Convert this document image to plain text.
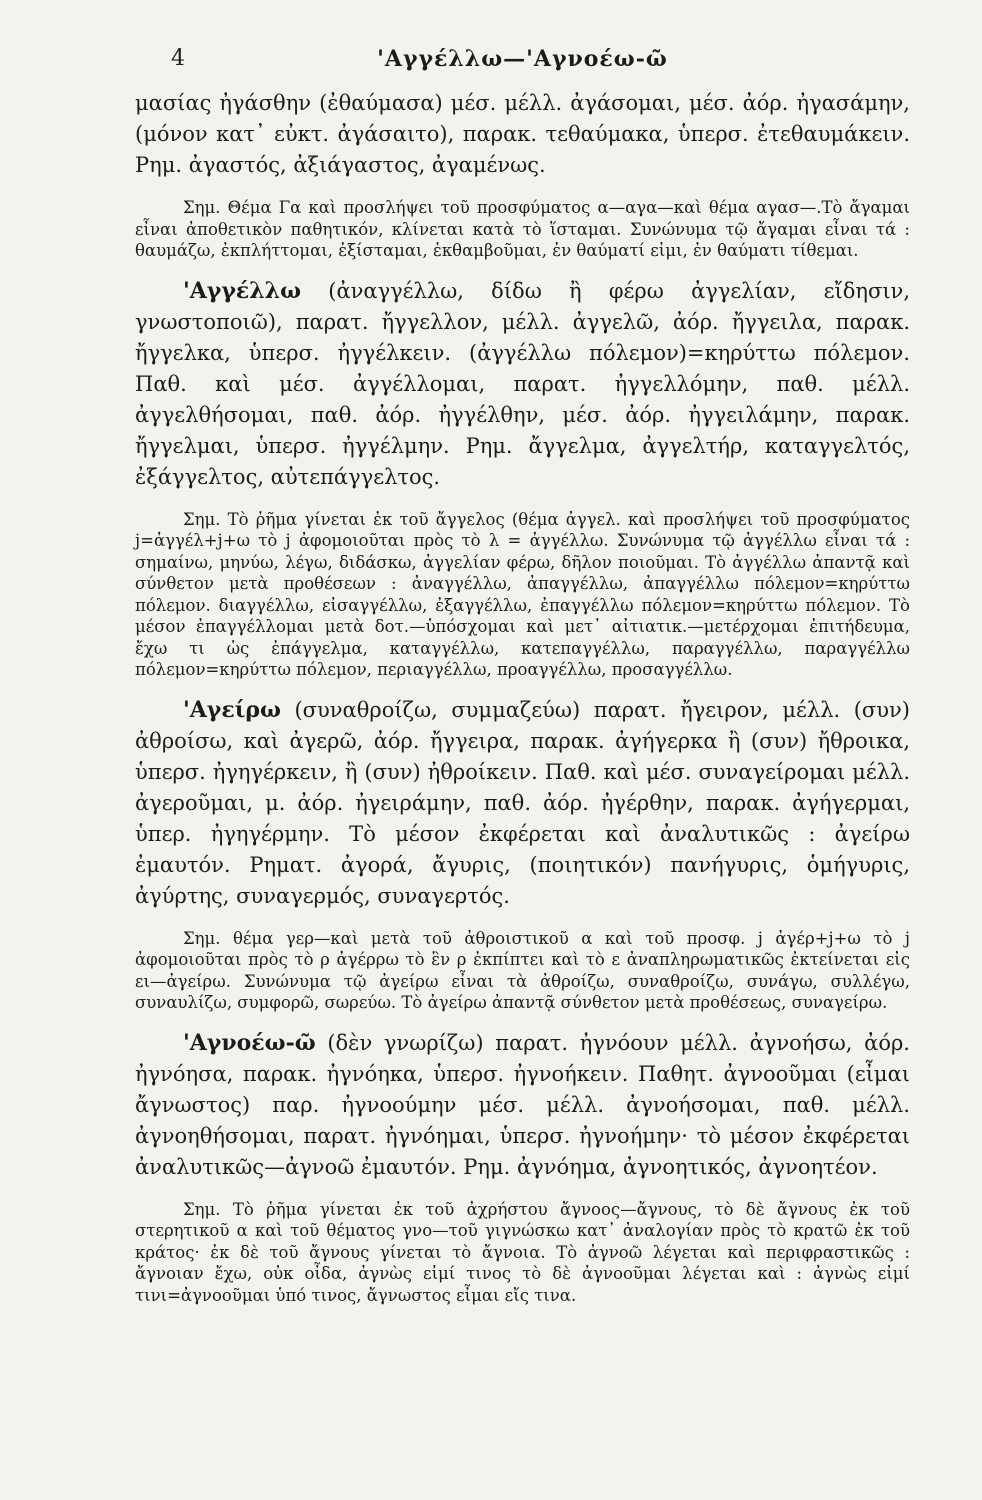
4	'Αγγέλλω—'Αγνοέω-ῶ

μασίας ἠγάσθην (ἐθαύμασα) μέσ. μέλλ. ἀγάσομαι, μέσ. ἀόρ. ἠγασάμην, (μόνον κατ᾽ εὐκτ. ἀγάσαιτο), παρακ. τεθαύμακα, ὑπερσ. ἐτεθαυμάκειν. Ρημ. ἀγαστός, ἀξιάγαστος, ἀγαμένως.

Σημ. Θέμα Γα καὶ προσλήψει τοῦ προσφύματος α—αγα—καὶ θέμα αγασ—.Τὸ ἄγαμαι εἶναι ἀποθετικὸν παθητικόν, κλίνεται κατὰ τὸ ἵσταμαι. Συνώνυμα τῷ ἄγαμαι εἶναι τά : θαυμάζω, ἐκπλήττομαι, ἐξίσταμαι, ἐκθαμβοῦμαι, ἐν θαύματί εἰμι, ἐν θαύματι τίθεμαι.

'Αγγέλλω (ἀναγγέλλω, δίδω ἢ φέρω ἀγγελίαν, εἴδησιν, γνωστοποιῶ), παρατ. ἤγγελλον, μέλλ. ἀγγελῶ, ἀόρ. ἤγγειλα, παρακ. ἤγγελκα, ὑπερσ. ἠγγέλκειν. (ἀγγέλλω πόλεμον)=κηρύττω πόλεμον. Παθ. καὶ μέσ. ἀγγέλλομαι, παρατ. ἠγγελλόμην, παθ. μέλλ. ἀγγελθήσομαι, παθ. ἀόρ. ἠγγέλθην, μέσ. ἀόρ. ἠγγειλάμην, παρακ. ἤγγελμαι, ὑπερσ. ἠγγέλμην. Ρημ. ἄγγελμα, ἀγγελτήρ, καταγγελτός, ἐξάγγελτος, αὐτεπάγγελτος.

Σημ. Τὸ ῥῆμα γίνεται ἐκ τοῦ ἄγγελος (θέμα ἀγγελ. καὶ προσλήψει τοῦ προσφύματος j=ἀγγέλ+j+ω τὸ j ἀφομοιοῦται πρὸς τὸ λ = ἀγγέλλω. Συνώνυμα τῷ ἀγγέλλω εἶναι τά : σημαίνω, μηνύω, λέγω, διδάσκω, ἀγγελίαν φέρω, δῆλον ποιοῦμαι. Τὸ ἀγγέλλω ἀπαντᾷ καὶ σύνθετον μετὰ προθέσεων : ἀναγγέλλω, ἀπαγγέλλω, ἀπαγγέλλω πόλεμον=κηρύττω πόλεμον. διαγγέλλω, εἰσαγγέλλω, ἐξαγγέλλω, ἐπαγγέλλω πόλεμον=κηρύττω πόλεμον. Τὸ μέσον ἐπαγγέλλομαι μετὰ δοτ.—ὑπόσχομαι καὶ μετ᾽ αἰτιατικ.—μετέρχομαι ἐπιτήδευμα, ἔχω τι ὡς ἐπάγγελμα, καταγγέλλω, κατεπαγγέλλω, παραγγέλλω, παραγγέλλω πόλεμον=κηρύττω πόλεμον, περιαγγέλλω, προαγγέλλω, προσαγγέλλω.

'Αγείρω (συναθροίζω, συμμαζεύω) παρατ. ἤγειρον, μέλλ. (συν) ἀθροίσω, καὶ ἀγερῶ, ἀόρ. ἤγγειρα, παρακ. ἀγήγερκα ἢ (συν) ἤθροικα, ὑπερσ. ἠγηγέρκειν, ἢ (συν) ἠθροίκειν. Παθ. καὶ μέσ. συναγείρομαι μέλλ. ἀγεροῦμαι, μ. ἀόρ. ἠγειράμην, παθ. ἀόρ. ἠγέρθην, παρακ. ἀγήγερμαι, ὑπερ. ἠγηγέρμην. Τὸ μέσον ἐκφέρεται καὶ ἀναλυτικῶς : ἀγείρω ἐμαυτόν. Ρηματ. ἀγορά, ἄγυρις, (ποιητικόν) πανήγυρις, ὁμήγυρις, ἀγύρτης, συναγερμός, συναγερτός.

Σημ. θέμα γερ—καὶ μετὰ τοῦ ἀθροιστικοῦ α καὶ τοῦ προσφ. j ἀγέρ+j+ω τὸ j ἀφομοιοῦται πρὸς τὸ ρ ἀγέρρω τὸ ἓν ρ ἐκπίπτει καὶ τὸ ε ἀναπληρωματικῶς ἐκτείνεται εἰς ει—ἀγείρω. Συνώνυμα τῷ ἀγείρω εἶναι τὰ ἀθροίζω, συναθροίζω, συνάγω, συλλέγω, συναυλίζω, συμφορῶ, σωρεύω. Τὸ ἀγείρω ἀπαντᾷ σύνθετον μετὰ προθέσεως, συναγείρω.

'Αγνοέω-ῶ (δὲν γνωρίζω) παρατ. ἠγνόουν μέλλ. ἀγνοήσω, ἀόρ. ἠγνόησα, παρακ. ἠγνόηκα, ὑπερσ. ἠγνοήκειν. Παθητ. ἀγνοοῦμαι (εἶμαι ἄγνωστος) παρ. ἠγνοούμην μέσ. μέλλ. ἀγνοήσομαι, παθ. μέλλ. ἀγνοηθήσομαι, παρατ. ἠγνόημαι, ὑπερσ. ἠγνοήμην· τὸ μέσον ἐκφέρεται ἀναλυτικῶς—ἀγνοῶ ἐμαυτόν. Ρημ. ἀγνόημα, ἀγνοητικός, ἀγνοητέον.

Σημ. Τὸ ῥῆμα γίνεται ἐκ τοῦ ἀχρήστου ἄγνοος—ἄγνους, τὸ δὲ ἄγνους ἐκ τοῦ στερητικοῦ α καὶ τοῦ θέματος γνο—τοῦ γιγνώσκω κατ᾽ ἀναλογίαν πρὸς τὸ κρατῶ ἐκ τοῦ κράτος· ἐκ δὲ τοῦ ἄγνους γίνεται τὸ ἄγνοια. Τὸ ἀγνοῶ λέγεται καὶ περιφραστικῶς : ἄγνοιαν ἔχω, οὐκ οἶδα, ἀγνὼς εἰμί τινος τὸ δὲ ἀγνοοῦμαι λέγεται καὶ : ἀγνὼς εἰμί τινι=ἀγνοοῦμαι ὑπό τινος, ἄγνωστος εἶμαι εἴς τινα.
